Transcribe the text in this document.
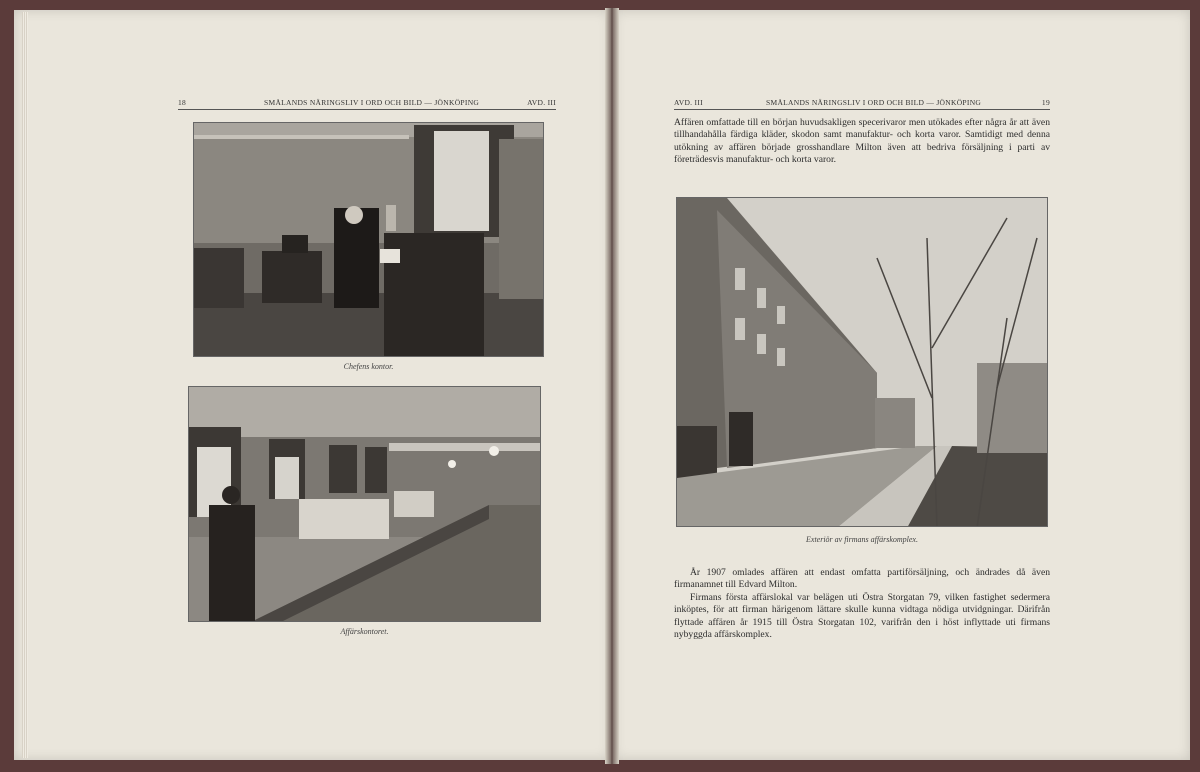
18	SMÅLANDS NÄRINGSLIV I ORD OCH BILD — JÖNKÖPING	AVD. III
Chefens kontor.
Affärskontoret.
AVD. III	SMÅLANDS NÄRINGSLIV I ORD OCH BILD — JÖNKÖPING	19

Affären omfattade till en början huvudsakligen specerivaror men utökades efter några år att även tillhandahålla färdiga kläder, skodon samt manufaktur- och korta varor. Samtidigt med denna utökning av affären började grosshandlare Milton även att bedriva försäljning i parti av företrädesvis manufaktur- och korta varor.

Exteriör av firmans affärskomplex.

År 1907 omlades affären att endast omfatta partiförsäljning, och ändrades då även firmanamnet till Edvard Milton.

Firmans första affärslokal var belägen uti Östra Storgatan 79, vilken fastighet sedermera inköptes, för att firman härigenom lättare skulle kunna vidtaga nödiga utvidgningar. Därifrån flyttade affären år 1915 till Östra Storgatan 102, varifrån den i höst inflyttade uti firmans nybyggda affärskomplex.
